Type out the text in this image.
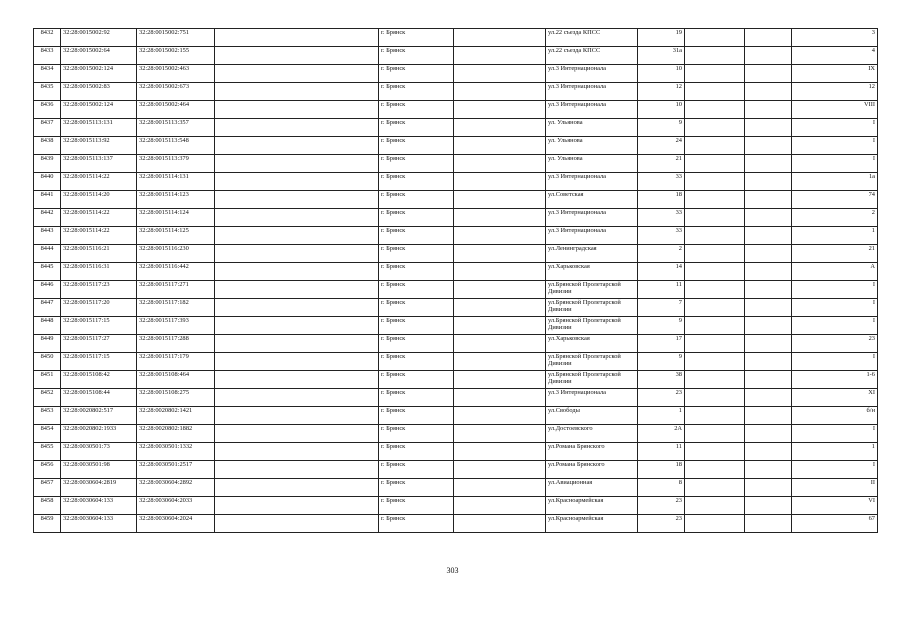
8432	32:28:0015002:92	32:28:0015002:751		г. Брянск		ул.22 съезда КПСС	19			3
8433	32:28:0015002:64	32:28:0015002:155		г. Брянск		ул.22 съезда КПСС	31а			4
8434	32:28:0015002:124	32:28:0015002:463		г. Брянск		ул.3 Интернационала	10			IX
8435	32:28:0015002:83	32:28:0015002:673		г. Брянск		ул.3 Интернационала	12			12
8436	32:28:0015002:124	32:28:0015002:464		г. Брянск		ул.3 Интернационала	10			VIII
8437	32:28:0015113:131	32:28:0015113:357		г. Брянск		ул. Ульянова	9			I
8438	32:28:0015113:92	32:28:0015113:548		г. Брянск		ул. Ульянова	24			I
8439	32:28:0015113:137	32:28:0015113:379		г. Брянск		ул. Ульянова	21			I
8440	32:28:0015114:22	32:28:0015114:131		г. Брянск		ул.3 Интернационала	33			1а
8441	32:28:0015114:20	32:28:0015114:123		г. Брянск		ул.Советская	18			74
8442	32:28:0015114:22	32:28:0015114:124		г. Брянск		ул.3 Интернационала	33			2
8443	32:28:0015114:22	32:28:0015114:125		г. Брянск		ул.3 Интернационала	33			1
8444	32:28:0015116:21	32:28:0015116:230		г. Брянск		ул.Ленинградская	2			21
8445	32:28:0015116:31	32:28:0015116:442		г. Брянск		ул.Харьковская	14			А
8446	32:28:0015117:23	32:28:0015117:271		г. Брянск		ул.Брянской Пролетарской Дивизии	11			I
8447	32:28:0015117:20	32:28:0015117:182		г. Брянск		ул.Брянской Пролетарской Дивизии	7			I
8448	32:28:0015117:15	32:28:0015117:393		г. Брянск		ул.Брянской Пролетарской Дивизии	9			I
8449	32:28:0015117:27	32:28:0015117:288		г. Брянск		ул.Харьковская	17			23
8450	32:28:0015117:15	32:28:0015117:179		г. Брянск		ул.Брянской Пролетарской Дивизии	9			I
8451	32:28:0015108:42	32:28:0015108:464		г. Брянск		ул.Брянской Пролетарской Дивизии	38			1-6
8452	32:28:0015108:44	32:28:0015108:275		г. Брянск		ул.3 Интернационала	23			XI
8453	32:28:0020802:517	32:28:0020802:1421		г. Брянск		ул.Свободы	1			б/н
8454	32:28:0020802:1933	32:28:0020802:1882		г. Брянск		ул.Достоевского	2А			I
8455	32:28:0030501:73	32:28:0030501:1332		г. Брянск		ул.Романа Брянского	11			1
8456	32:28:0030501:98	32:28:0030501:2517		г. Брянск		ул.Романа Брянского	18			I
8457	32:28:0030604:2819	32:28:0030604:2892		г. Брянск		ул.Авиационная	8			II
8458	32:28:0030604:133	32:28:0030604:2033		г. Брянск		ул.Красноармейская	23			VI
8459	32:28:0030604:133	32:28:0030604:2024		г. Брянск		ул.Красноармейская	23			67
303
